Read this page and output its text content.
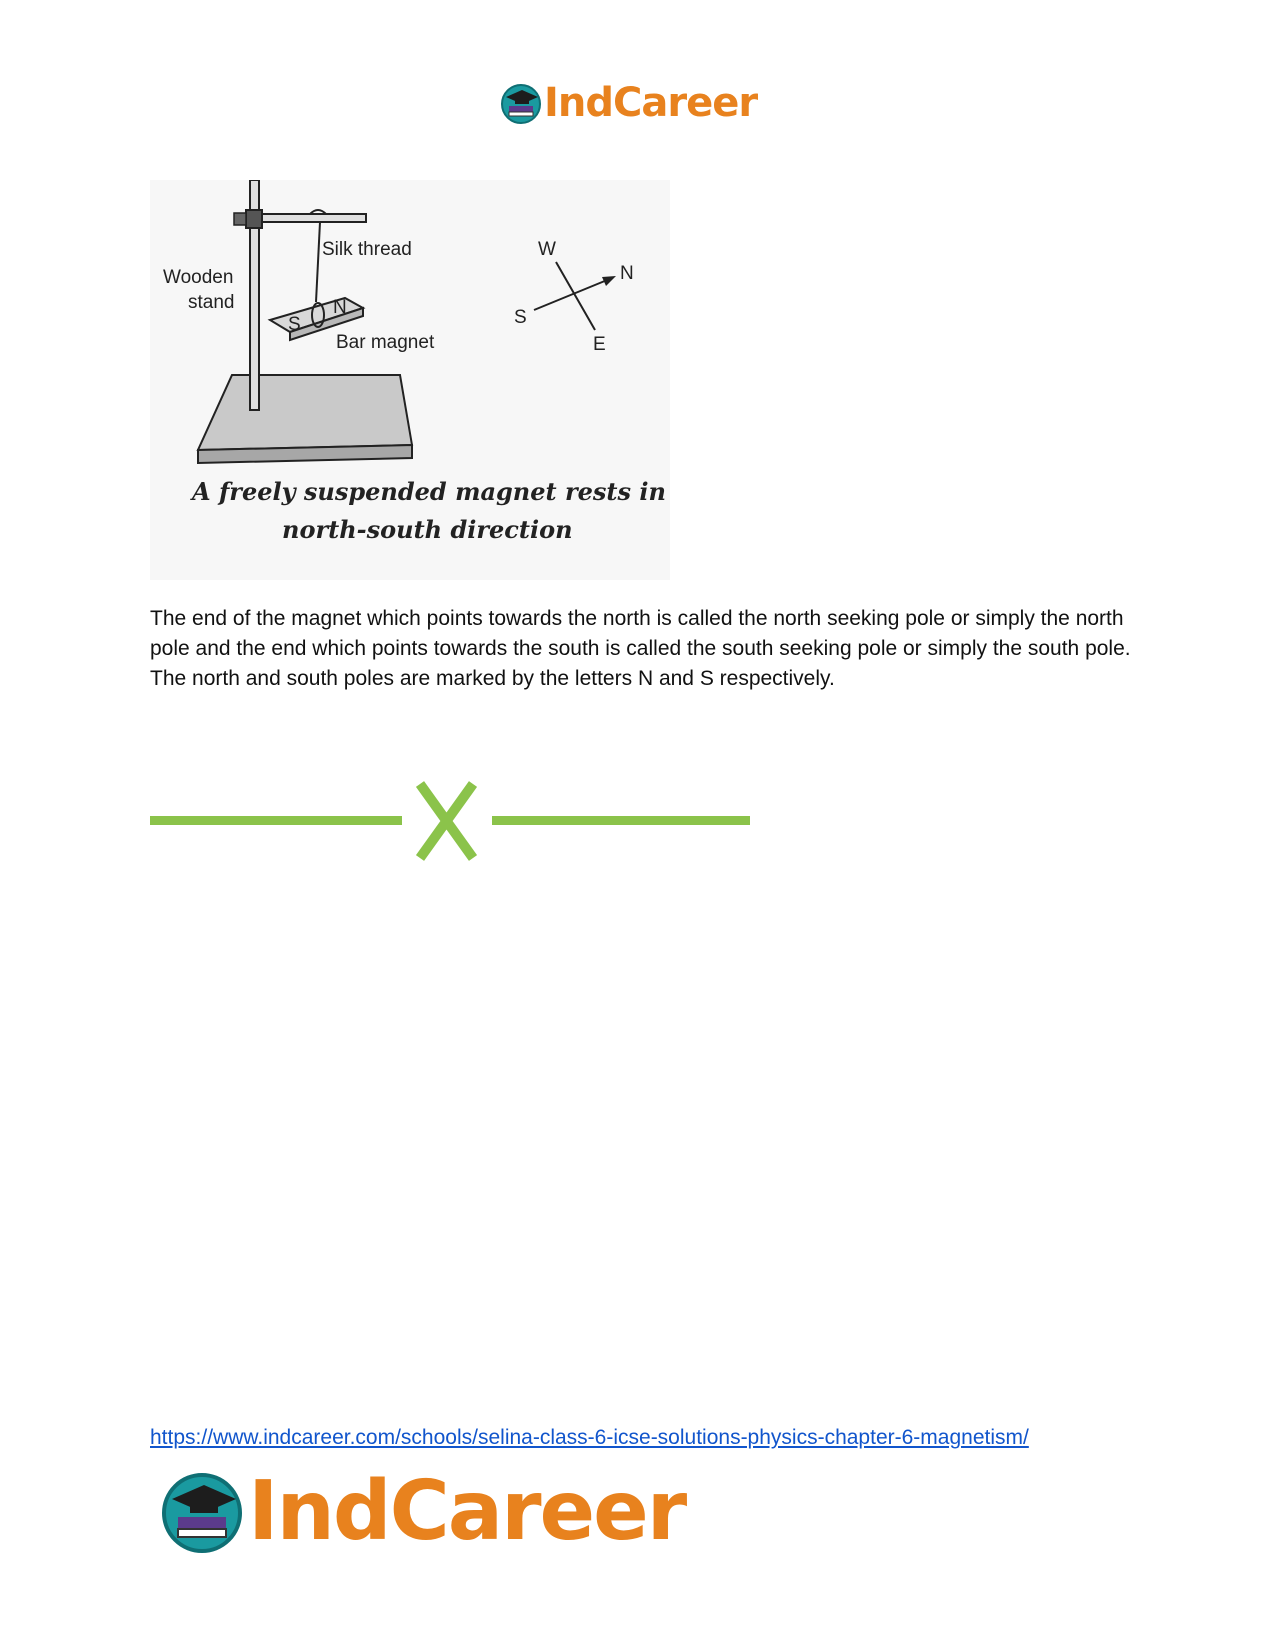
IndCareer
S
N
Silk thread
Wooden
stand
Bar magnet
W
N
S
E
A freely suspended magnet rests in
north-south direction

The end of the magnet which points towards the north is called the north seeking pole or simply the north pole and the end which points towards the south is called the south seeking pole or simply the south pole. The north and south poles are marked by the letters N and S respectively.

https://www.indcareer.com/schools/selina-class-6-icse-solutions-physics-chapter-6-magnetism/
IndCareer
